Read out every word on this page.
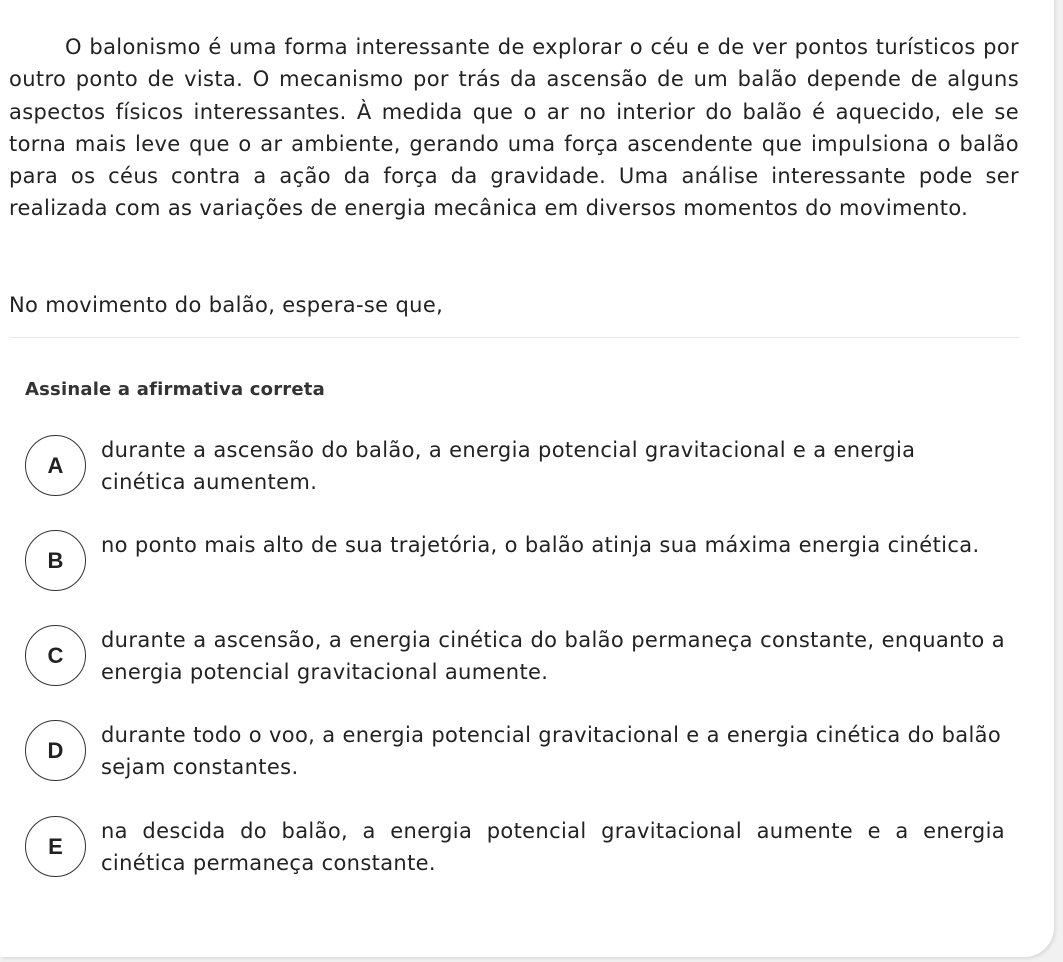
O balonismo é uma forma interessante de explorar o céu e de ver pontos turísticos por outro ponto de vista. O mecanismo por trás da ascensão de um balão depende de alguns aspectos físicos interessantes. À medida que o ar no interior do balão é aquecido, ele se torna mais leve que o ar ambiente, gerando uma força ascendente que impulsiona o balão para os céus contra a ação da força da gravidade. Uma análise interessante pode ser realizada com as variações de energia mecânica em diversos momentos do movimento.

No movimento do balão, espera-se que,
Assinale a afirmativa correta
A
durante a ascensão do balão, a energia potencial gravitacional e a energia cinética aumentem.
B
no ponto mais alto de sua trajetória, o balão atinja sua máxima energia cinética.
C
durante a ascensão, a energia cinética do balão permaneça constante, enquanto a energia potencial gravitacional aumente.
D
durante todo o voo, a energia potencial gravitacional e a energia cinética do balão sejam constantes.
E
na descida do balão, a energia potencial gravitacional aumente e a energia cinética permaneça constante.
